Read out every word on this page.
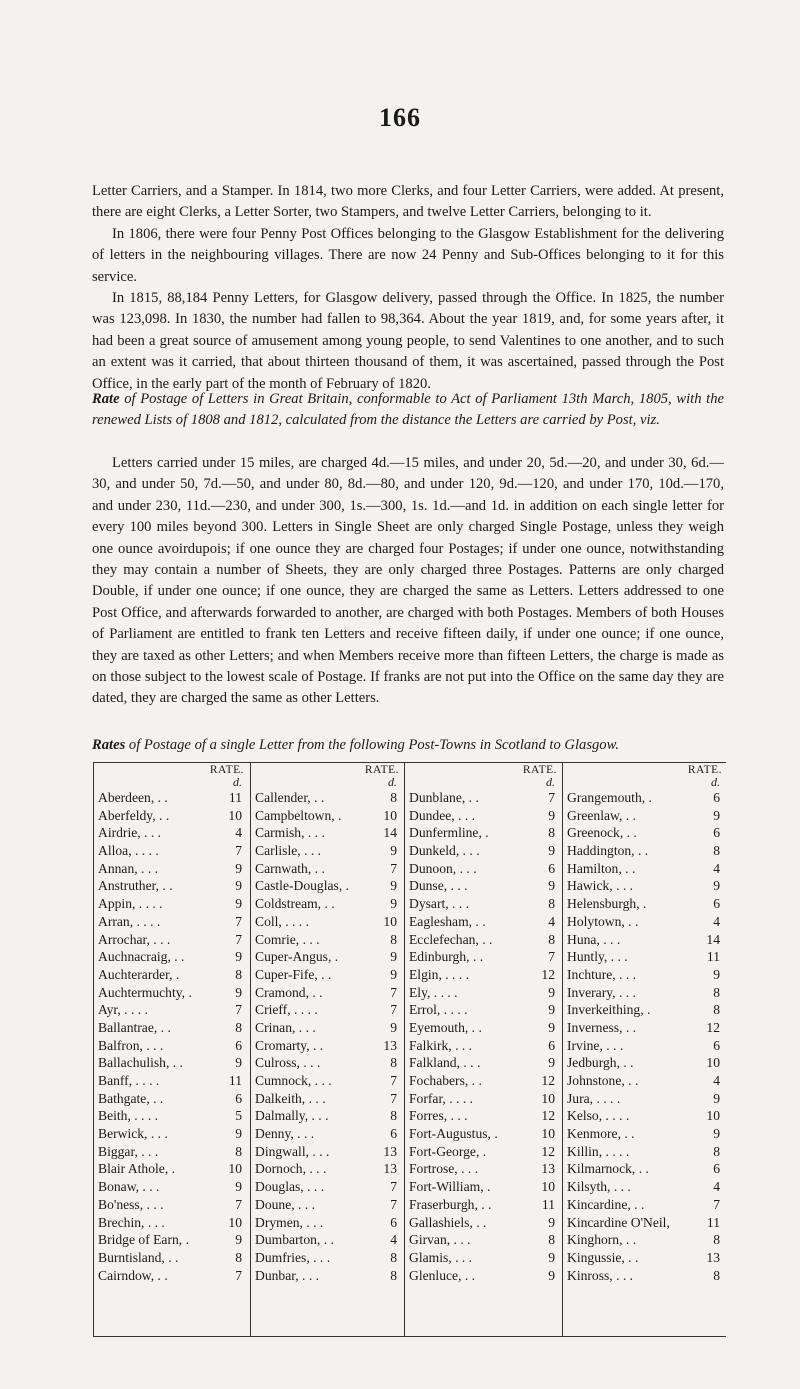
166

Letter Carriers, and a Stamper. In 1814, two more Clerks, and four Letter Carriers, were added. At present, there are eight Clerks, a Letter Sorter, two Stampers, and twelve Letter Carriers, belonging to it.

In 1806, there were four Penny Post Offices belonging to the Glasgow Establishment for the delivering of letters in the neighbouring villages. There are now 24 Penny and Sub-Offices belonging to it for this service.

In 1815, 88,184 Penny Letters, for Glasgow delivery, passed through the Office. In 1825, the number was 123,098. In 1830, the number had fallen to 98,364. About the year 1819, and, for some years after, it had been a great source of amusement among young people, to send Valentines to one another, and to such an extent was it carried, that about thirteen thousand of them, it was ascertained, passed through the Post Office, in the early part of the month of February of 1820.

Rate of Postage of Letters in Great Britain, conformable to Act of Parliament 13th March, 1805, with the renewed Lists of 1808 and 1812, calculated from the distance the Letters are carried by Post, viz.
Letters carried under 15 miles, are charged 4d.—15 miles, and under 20, 5d.—20, and under 30, 6d.—30, and under 50, 7d.—50, and under 80, 8d.—80, and under 120, 9d.—120, and under 170, 10d.—170, and under 230, 11d.—230, and under 300, 1s.—300, 1s. 1d.—and 1d. in addition on each single letter for every 100 miles beyond 300. Letters in Single Sheet are only charged Single Postage, unless they weigh one ounce avoirdupois; if one ounce they are charged four Postages; if under one ounce, notwithstanding they may contain a number of Sheets, they are only charged three Postages. Patterns are only charged Double, if under one ounce; if one ounce, they are charged the same as Letters. Letters addressed to one Post Office, and afterwards forwarded to another, are charged with both Postages. Members of both Houses of Parliament are entitled to frank ten Letters and receive fifteen daily, if under one ounce; if one ounce, they are taxed as other Letters; and when Members receive more than fifteen Letters, the charge is made as on those subject to the lowest scale of Postage. If franks are not put into the Office on the same day they are dated, they are charged the same as other Letters.
Rates of Postage of a single Letter from the following Post-Towns in Scotland to Glasgow.
RATE.
d.
Aberdeen, . .	11
Aberfeldy, . .	10
Airdrie, . . .	4
Alloa, . . . .	7
Annan, . . .	9
Anstruther, . .	9
Appin, . . . .	9
Arran, . . . .	7
Arrochar, . . .	7
Auchnacraig, . .	9
Auchterarder, .	8
Auchtermuchty, .	9
Ayr, . . . .	7
Ballantrae, . .	8
Balfron, . . .	6
Ballachulish, . .	9
Banff, . . . .	11
Bathgate, . .	6
Beith, . . . .	5
Berwick, . . .	9
Biggar, . . .	8
Blair Athole, .	10
Bonaw, . . .	9
Bo'ness, . . .	7
Brechin, . . .	10
Bridge of Earn, .	9
Burntisland, . .	8
Cairndow, . .	7
RATE.
d.
Callender, . .	8
Campbeltown, .	10
Carmish, . . .	14
Carlisle, . . .	9
Carnwath, . .	7
Castle-Douglas, .	9
Coldstream, . .	9
Coll, . . . .	10
Comrie, . . .	8
Cuper-Angus, .	9
Cuper-Fife, . .	9
Cramond, . .	7
Crieff, . . . .	7
Crinan, . . .	9
Cromarty, . .	13
Culross, . . .	8
Cumnock, . . .	7
Dalkeith, . . .	7
Dalmally, . . .	8
Denny, . . .	6
Dingwall, . . .	13
Dornoch, . . .	13
Douglas, . . .	7
Doune, . . .	7
Drymen, . . .	6
Dumbarton, . .	4
Dumfries, . . .	8
Dunbar, . . .	8
RATE.
d.
Dunblane, . .	7
Dundee, . . .	9
Dunfermline, .	8
Dunkeld, . . .	9
Dunoon, . . .	6
Dunse, . . .	9
Dysart, . . .	8
Eaglesham, . .	4
Ecclefechan, . .	8
Edinburgh, . .	7
Elgin, . . . .	12
Ely, . . . .	9
Errol, . . . .	9
Eyemouth, . .	9
Falkirk, . . .	6
Falkland, . . .	9
Fochabers, . .	12
Forfar, . . . .	10
Forres, . . .	12
Fort-Augustus, .	10
Fort-George, .	12
Fortrose, . . .	13
Fort-William, .	10
Fraserburgh, . .	11
Gallashiels, . .	9
Girvan, . . .	8
Glamis, . . .	9
Glenluce, . .	9
RATE.
d.
Grangemouth, .	6
Greenlaw, . .	9
Greenock, . .	6
Haddington, . .	8
Hamilton, . .	4
Hawick, . . .	9
Helensburgh, .	6
Holytown, . .	4
Huna, . . .	14
Huntly, . . .	11
Inchture, . . .	9
Inverary, . . .	8
Inverkeithing, .	8
Inverness, . .	12
Irvine, . . .	6
Jedburgh, . .	10
Johnstone, . .	4
Jura, . . . .	9
Kelso, . . . .	10
Kenmore, . .	9
Killin, . . . .	8
Kilmarnock, . .	6
Kilsyth, . . .	4
Kincardine, . .	7
Kincardine O'Neil,	11
Kinghorn, . .	8
Kingussie, . .	13
Kinross, . . .	8
